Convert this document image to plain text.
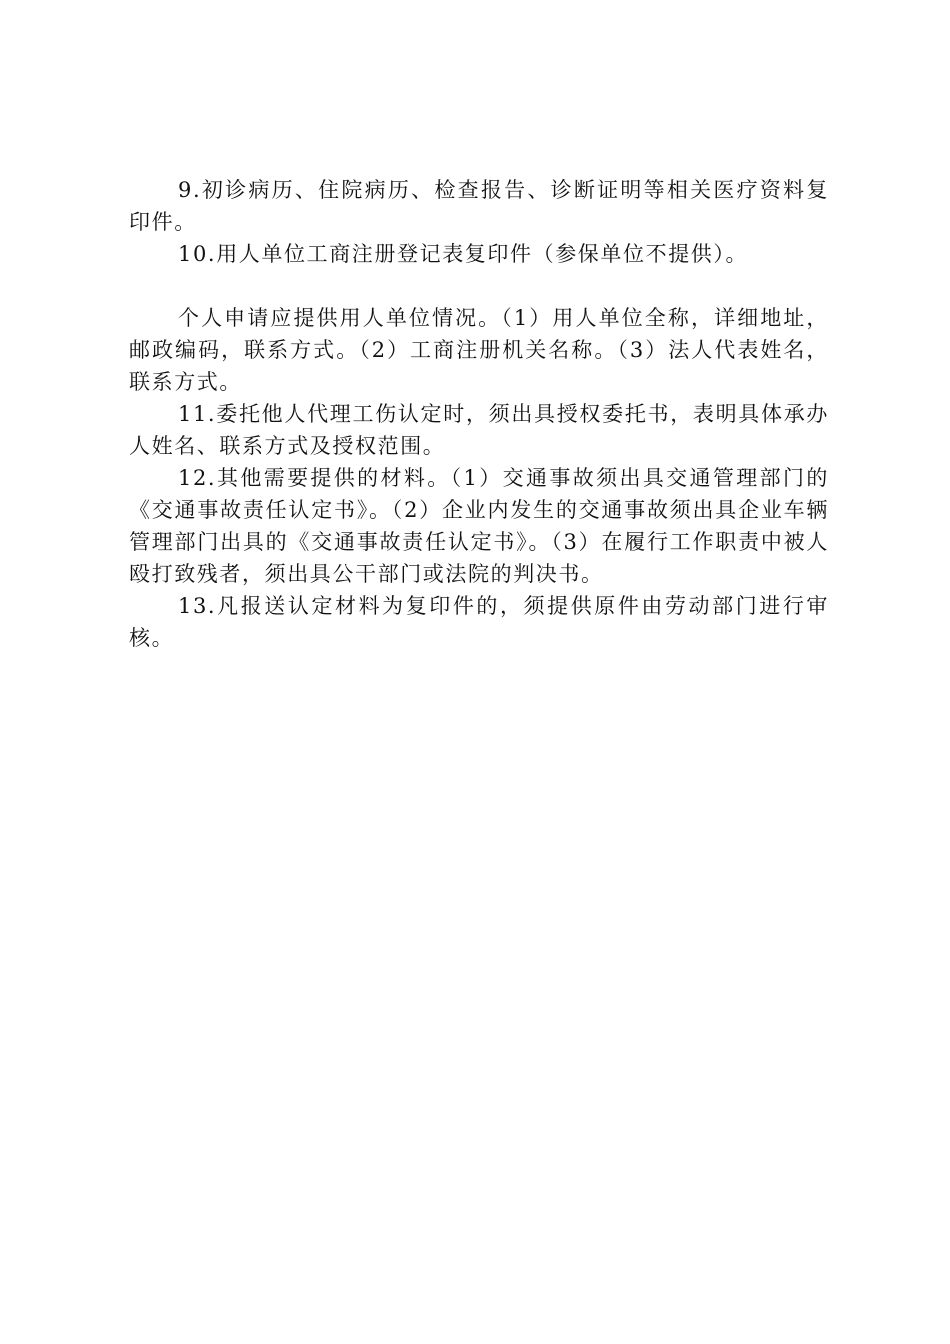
9.初诊病历、住院病历、检查报告、诊断证明等相关医疗资料复印件。

10.用人单位工商注册登记表复印件（参保单位不提供）。

个人申请应提供用人单位情况。（1）用人单位全称，详细地址，邮政编码，联系方式。（2）工商注册机关名称。（3）法人代表姓名，联系方式。

11.委托他人代理工伤认定时，须出具授权委托书，表明具体承办人姓名、联系方式及授权范围。

12.其他需要提供的材料。（1）交通事故须出具交通管理部门的《交通事故责任认定书》。（2）企业内发生的交通事故须出具企业车辆管理部门出具的《交通事故责任认定书》。（3）在履行工作职责中被人殴打致残者，须出具公干部门或法院的判决书。

13.凡报送认定材料为复印件的，须提供原件由劳动部门进行审核。
